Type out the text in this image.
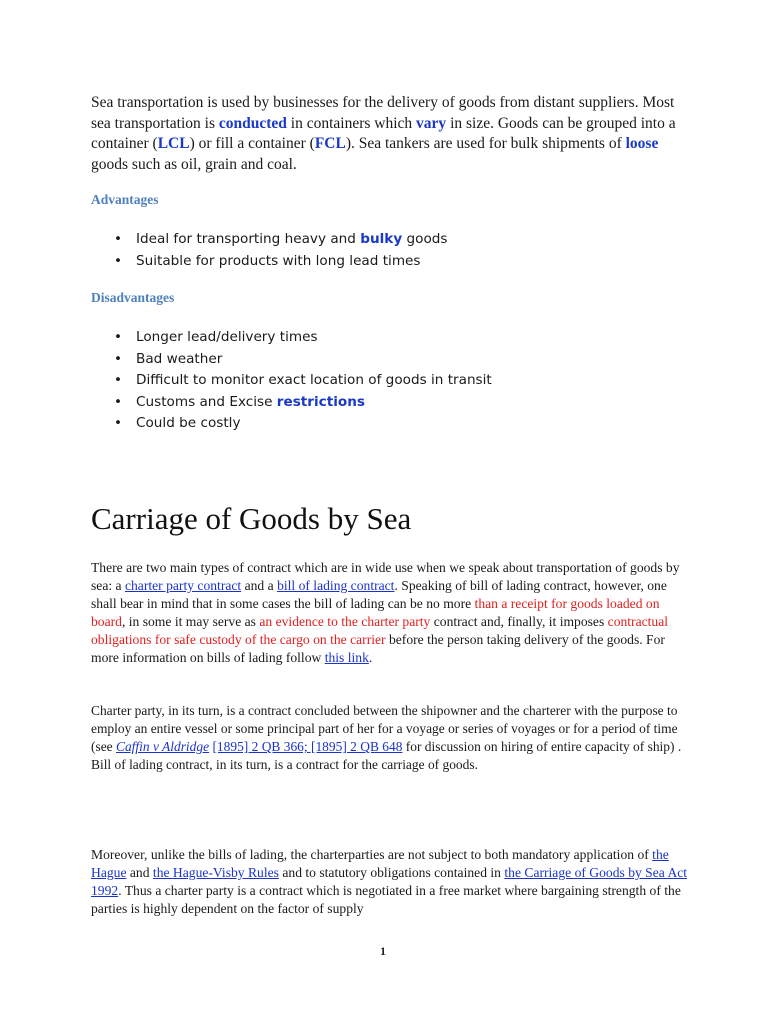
Sea transportation is used by businesses for the delivery of goods from distant suppliers. Most sea transportation is conducted in containers which vary in size. Goods can be grouped into a container (LCL) or fill a container (FCL). Sea tankers are used for bulk shipments of loose goods such as oil, grain and coal.

Advantages
• Ideal for transporting heavy and bulky goods
• Suitable for products with long lead times
Disadvantages
• Longer lead/delivery times
• Bad weather
• Difficult to monitor exact location of goods in transit
• Customs and Excise restrictions
• Could be costly
Carriage of Goods by Sea

There are two main types of contract which are in wide use when we speak about transportation of goods by sea: a charter party contract and a bill of lading contract. Speaking of bill of lading contract, however, one shall bear in mind that in some cases the bill of lading can be no more than a receipt for goods loaded on board, in some it may serve as an evidence to the charter party contract and, finally, it imposes contractual obligations for safe custody of the cargo on the carrier before the person taking delivery of the goods. For more information on bills of lading follow this link.

Charter party, in its turn, is a contract concluded between the shipowner and the charterer with the purpose to employ an entire vessel or some principal part of her for a voyage or series of voyages or for a period of time (see Caffin v Aldridge [1895] 2 QB 366; [1895] 2 QB 648 for discussion on hiring of entire capacity of ship) . Bill of lading contract, in its turn, is a contract for the carriage of goods.

Moreover, unlike the bills of lading, the charterparties are not subject to both mandatory application of the Hague and the Hague-Visby Rules and to statutory obligations contained in the Carriage of Goods by Sea Act 1992. Thus a charter party is a contract which is negotiated in a free market where bargaining strength of the parties is highly dependent on the factor of supply

1
